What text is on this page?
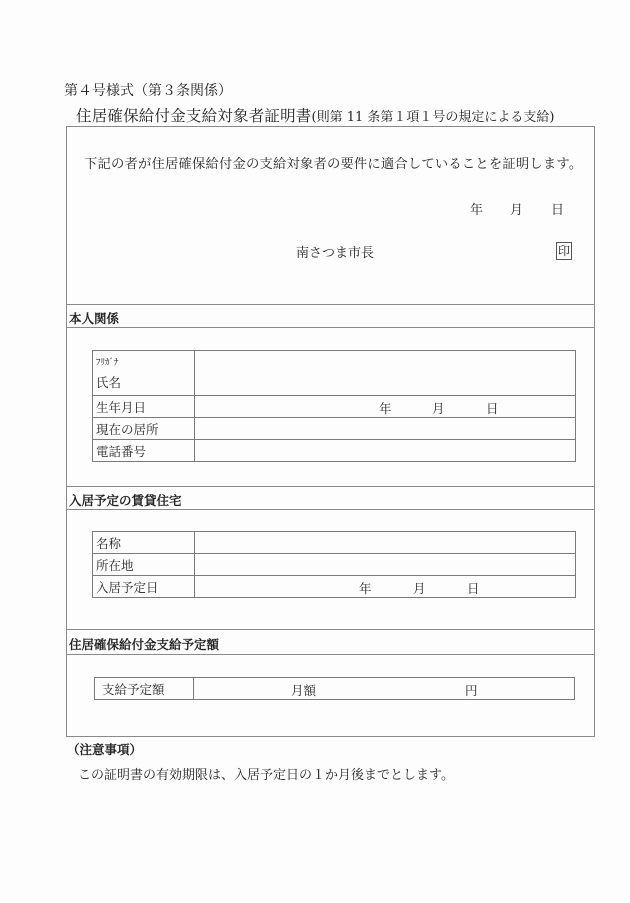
第４号様式（第３条関係）
住居確保給付金支給対象者証明書(則第 11 条第１項１号の規定による支給)
下記の者が住居確保給付金の支給対象者の要件に適合していることを証明します。
年 月 日
南さつま市長	印
本人関係
ﾌﾘｶﾞﾅ
氏名	

生年月日	年 月 日

現在の居所	
電話番号	
入居予定の賃貸住宅
名称	
所在地	
入居予定日	年 月 日
住居確保給付金支給予定額
支給予定額	月額	円
（注意事項）
この証明書の有効期限は、入居予定日の１か月後までとします。
